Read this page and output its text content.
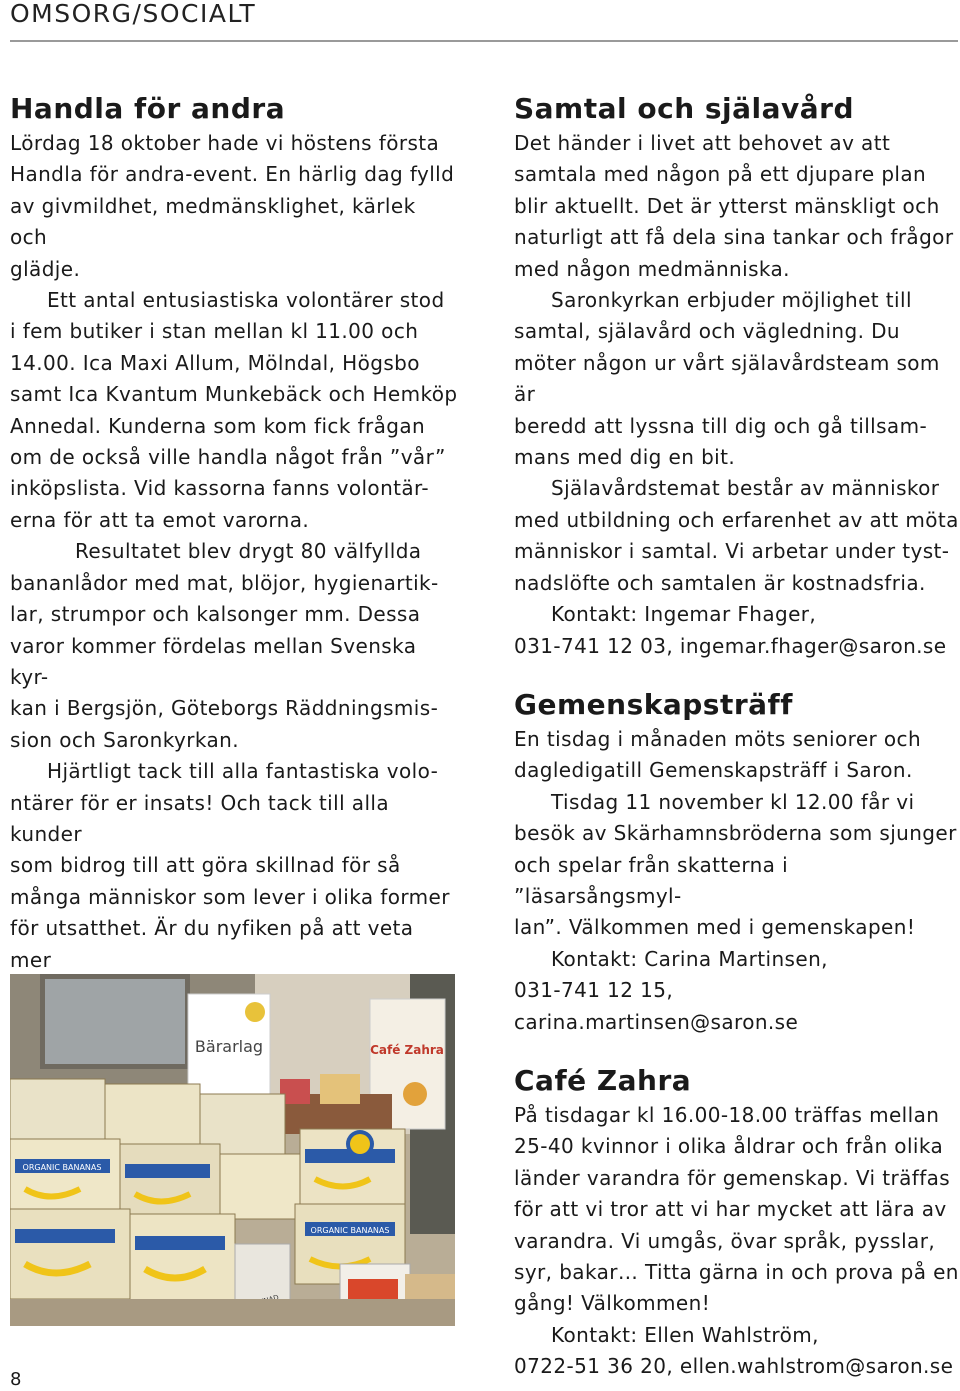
OMSORG/SOCIALT
Handla för andra

Lördag 18 oktober hade vi höstens första
Handla för andra-event. En härlig dag fylld
av givmildhet, medmänsklighet, kärlek och
glädje.

Ett antal entusiastiska volontärer stod
i fem butiker i stan mellan kl 11.00 och
14.00. Ica Maxi Allum, Mölndal, Högsbo
samt Ica Kvantum Munkebäck och Hemköp
Annedal. Kunderna som kom fick frågan
om de också ville handla något från ”vår”
inköpslista. Vid kassorna fanns volontär-
erna för att ta emot varorna.

Resultatet blev drygt 80 välfyllda
bananlådor med mat, blöjor, hygienartik-
lar, strumpor och kalsonger mm. Dessa
varor kommer fördelas mellan Svenska kyr-
kan i Bergsjön, Göteborgs Räddningsmis-
sion och Saronkyrkan.

Hjärtligt tack till alla fantastiska volo-
ntärer för er insats! Och tack till alla kunder
som bidrog till att göra skillnad för så
många människor som lever i olika former
för utsatthet. Är du nyfiken på att veta mer

Bärarlag	Café Zahra
ORGANIC BANANAS
ORGANIC BANANAS
Samtal och själavård

Det händer i livet att behovet av att
samtala med någon på ett djupare plan
blir aktuellt. Det är ytterst mänskligt och
naturligt att få dela sina tankar och frågor
med någon medmänniska.

Saronkyrkan erbjuder möjlighet till
samtal, själavård och vägledning. Du
möter någon ur vårt själavårdsteam som är
beredd att lyssna till dig och gå tillsam-
mans med dig en bit.

Själavårdstemat består av människor
med utbildning och erfarenhet av att möta
människor i samtal. Vi arbetar under tyst-
nadslöfte och samtalen är kostnadsfria.

Kontakt: Ingemar Fhager,
031-741 12 03, ingemar.fhager@saron.se

Gemenskapsträff

En tisdag i månaden möts seniorer och
dagledigatill Gemenskapsträff i Saron.

Tisdag 11 november kl 12.00 får vi
besök av Skärhamnsbröderna som sjunger
och spelar från skatterna i ”läsarsångsmyl-
lan”. Välkommen med i gemenskapen!

Kontakt: Carina Martinsen,
031-741 12 15, carina.martinsen@saron.se

Café Zahra

På tisdagar kl 16.00-18.00 träffas mellan
25-40 kvinnor i olika åldrar och från olika
länder varandra för gemenskap. Vi träffas
för att vi tror att vi har mycket att lära av
varandra. Vi umgås, övar språk, pysslar,
syr, bakar… Titta gärna in och prova på en
gång! Välkommen!

Kontakt: Ellen Wahlström,
0722-51 36 20, ellen.wahlstrom@saron.se

8
